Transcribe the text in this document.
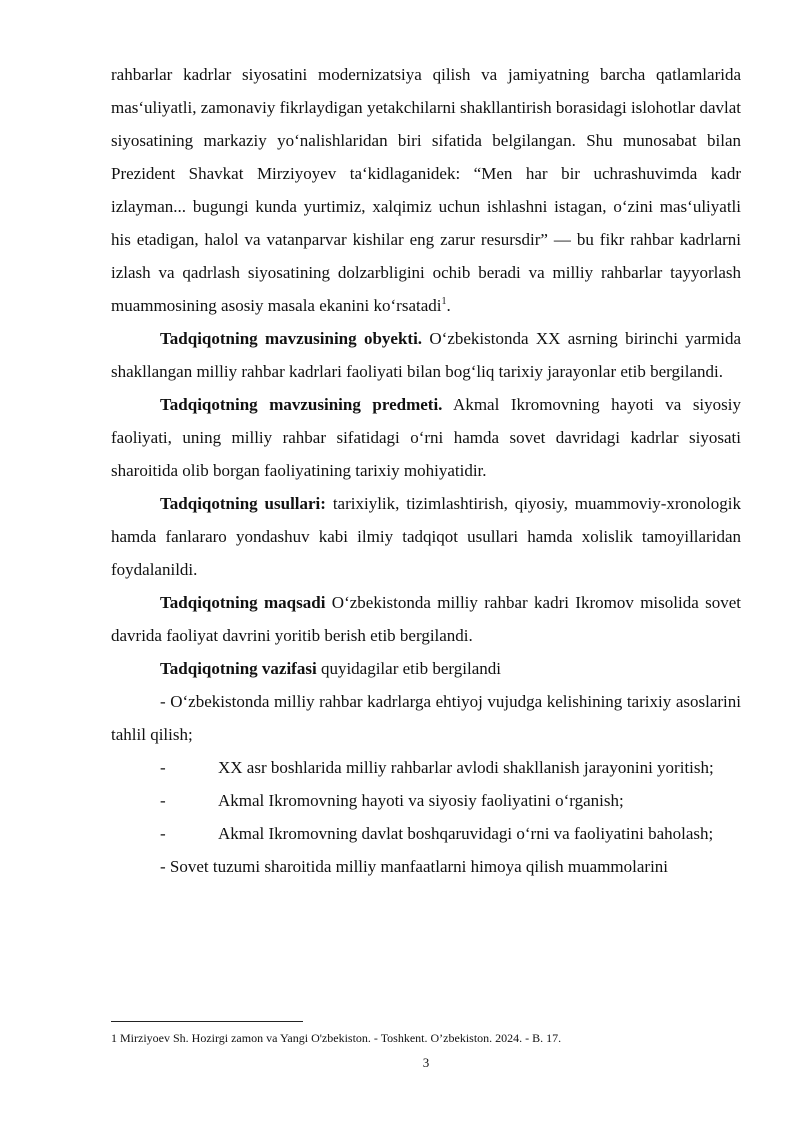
rahbarlar kadrlar siyosatini modernizatsiya qilish va jamiyatning barcha qatlamlarida mas‘uliyatli, zamonaviy fikrlaydigan yetakchilarni shakllantirish borasidagi islohotlar davlat siyosatining markaziy yo‘nalishlaridan biri sifatida belgilangan. Shu munosabat bilan Prezident Shavkat Mirziyoyev ta‘kidlaganidek: “Men har bir uchrashuvimda kadr izlayman... bugungi kunda yurtimiz, xalqimiz uchun ishlashni istagan, o‘zini mas‘uliyatli his etadigan, halol va vatanparvar kishilar eng zarur resursdir” — bu fikr rahbar kadrlarni izlash va qadrlash siyosatining dolzarbligini ochib beradi va milliy rahbarlar tayyorlash muammosining asosiy masala ekanini ko‘rsatadi$^1$.

Tadqiqotning mavzusining obyekti. O‘zbekistonda XX asrning birinchi yarmida shakllangan milliy rahbar kadrlari faoliyati bilan bog‘liq tarixiy jarayonlar etib bergilandi.

Tadqiqotning mavzusining predmeti. Akmal Ikromovning hayoti va siyosiy faoliyati, uning milliy rahbar sifatidagi o‘rni hamda sovet davridagi kadrlar siyosati sharoitida olib borgan faoliyatining tarixiy mohiyatidir.

Tadqiqotning usullari: tarixiylik, tizimlashtirish, qiyosiy, muammoviy-xronologik hamda fanlararo yondashuv kabi ilmiy tadqiqot usullari hamda xolislik tamoyillaridan foydalanildi.

Tadqiqotning maqsadi O‘zbekistonda milliy rahbar kadri Ikromov misolida sovet davrida faoliyat davrini yoritib berish etib bergilandi.

Tadqiqotning vazifasi quyidagilar etib bergilandi

- O‘zbekistonda milliy rahbar kadrlarga ehtiyoj vujudga kelishining tarixiy asoslarini tahlil qilish;

-	XX asr boshlarida milliy rahbarlar avlodi shakllanish jarayonini yoritish;

-	Akmal Ikromovning hayoti va siyosiy faoliyatini o‘rganish;

-	Akmal Ikromovning davlat boshqaruvidagi o‘rni va faoliyatini baholash;

- Sovet tuzumi sharoitida milliy manfaatlarni himoya qilish muammolarini

1 Mirziyoev Sh. Hozirgi zamon va Yangi O'zbekiston. - Toshkent. O’zbekiston. 2024. - B. 17.
3
